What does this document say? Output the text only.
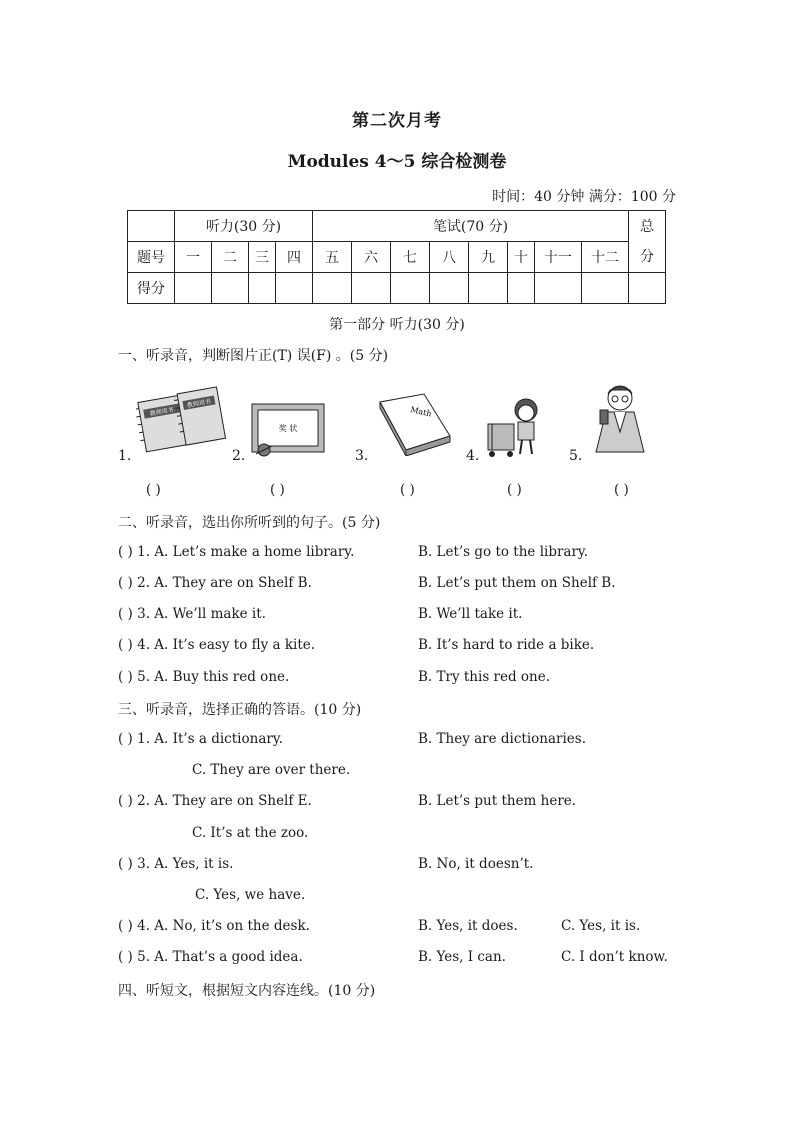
第二次月考
Modules 4～5 综合检测卷
时间：40 分钟 满分：100 分
	听力(30 分)				笔试(70 分)								总
分

题号	一	二	三	四	五	六	七	八	九	十	十一	十二	
得分													
第一部分 听力(30 分)
一、听录音，判断图片正(T) 误(F) 。(5 分)
1.
教师用书
教师用书
2.
奖 状
3.
Math
4.	5.
( )	( )	( )	( )	( )
二、听录音，选出你所听到的句子。(5 分)
( ) 1. A. Let’s make a home library.	B. Let’s go to the library.
( ) 2. A. They are on Shelf B.	B. Let’s put them on Shelf B.
( ) 3. A. We’ll make it.	B. We’ll take it.
( ) 4. A. It’s easy to fly a kite.	B. It’s hard to ride a bike.
( ) 5. A. Buy this red one.	B. Try this red one.
三、听录音，选择正确的答语。(10 分)
( ) 1. A. It’s a dictionary.	B. They are dictionaries.
C. They are over there.
( ) 2. A. They are on Shelf E.	B. Let’s put them here.
C. It’s at the zoo.
( ) 3. A. Yes, it is.	B. No, it doesn’t.
C. Yes, we have.
( ) 4. A. No, it’s on the desk.	B. Yes, it does.	C. Yes, it is.
( ) 5. A. That’s a good idea.	B. Yes, I can.	C. I don’t know.
四、听短文，根据短文内容连线。(10 分)
